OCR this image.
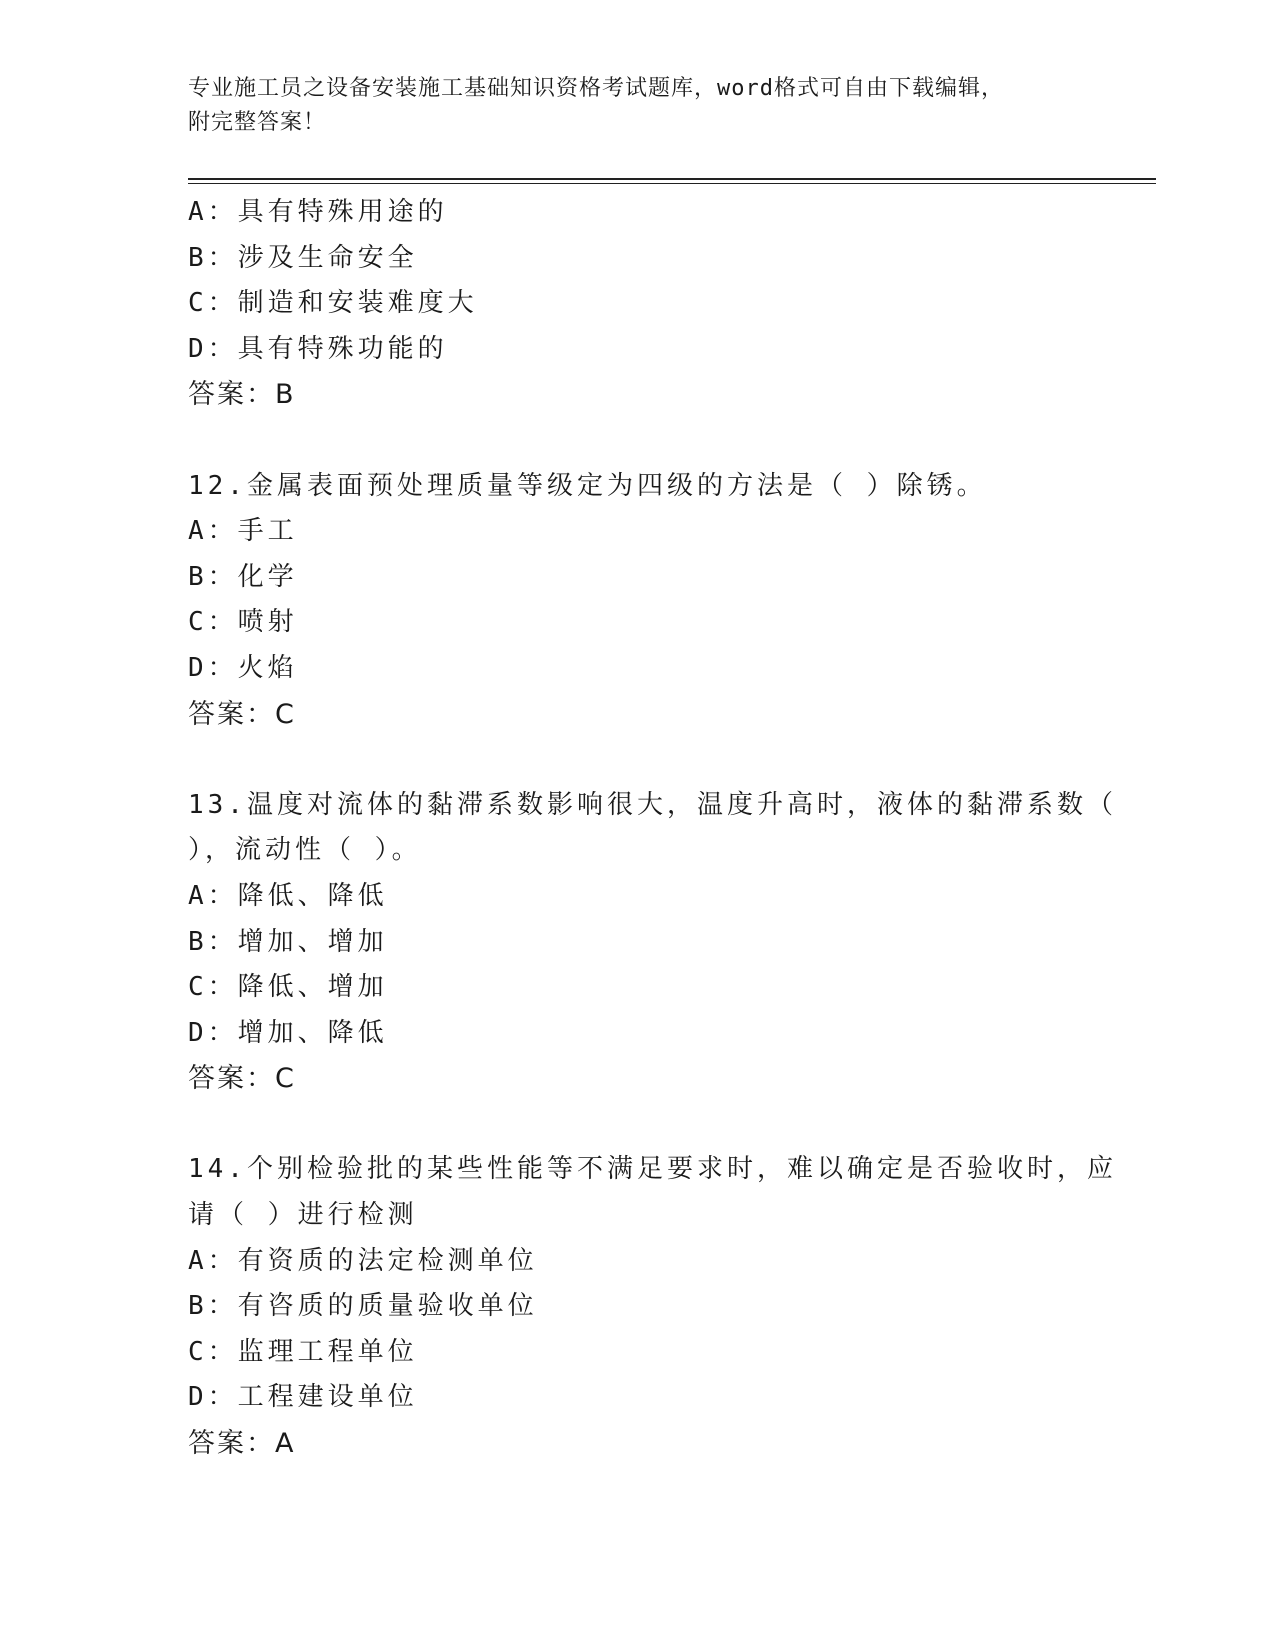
专业施工员之设备安装施工基础知识资格考试题库，word格式可自由下载编辑，
附完整答案！
A：具有特殊用途的
B：涉及生命安全
C：制造和安装难度大
D：具有特殊功能的
答案：B
12.金属表面预处理质量等级定为四级的方法是（ ）除锈。
A：手工
B：化学
C：喷射
D：火焰
答案：C
13.温度对流体的黏滞系数影响很大，温度升高时，液体的黏滞系数（
），流动性（ ）。
A：降低、降低
B：增加、增加
C：降低、增加
D：增加、降低
答案：C
14.个别检验批的某些性能等不满足要求时，难以确定是否验收时，应
请（ ）进行检测
A：有资质的法定检测单位
B：有咨质的质量验收单位
C：监理工程单位
D：工程建设单位
答案：A
